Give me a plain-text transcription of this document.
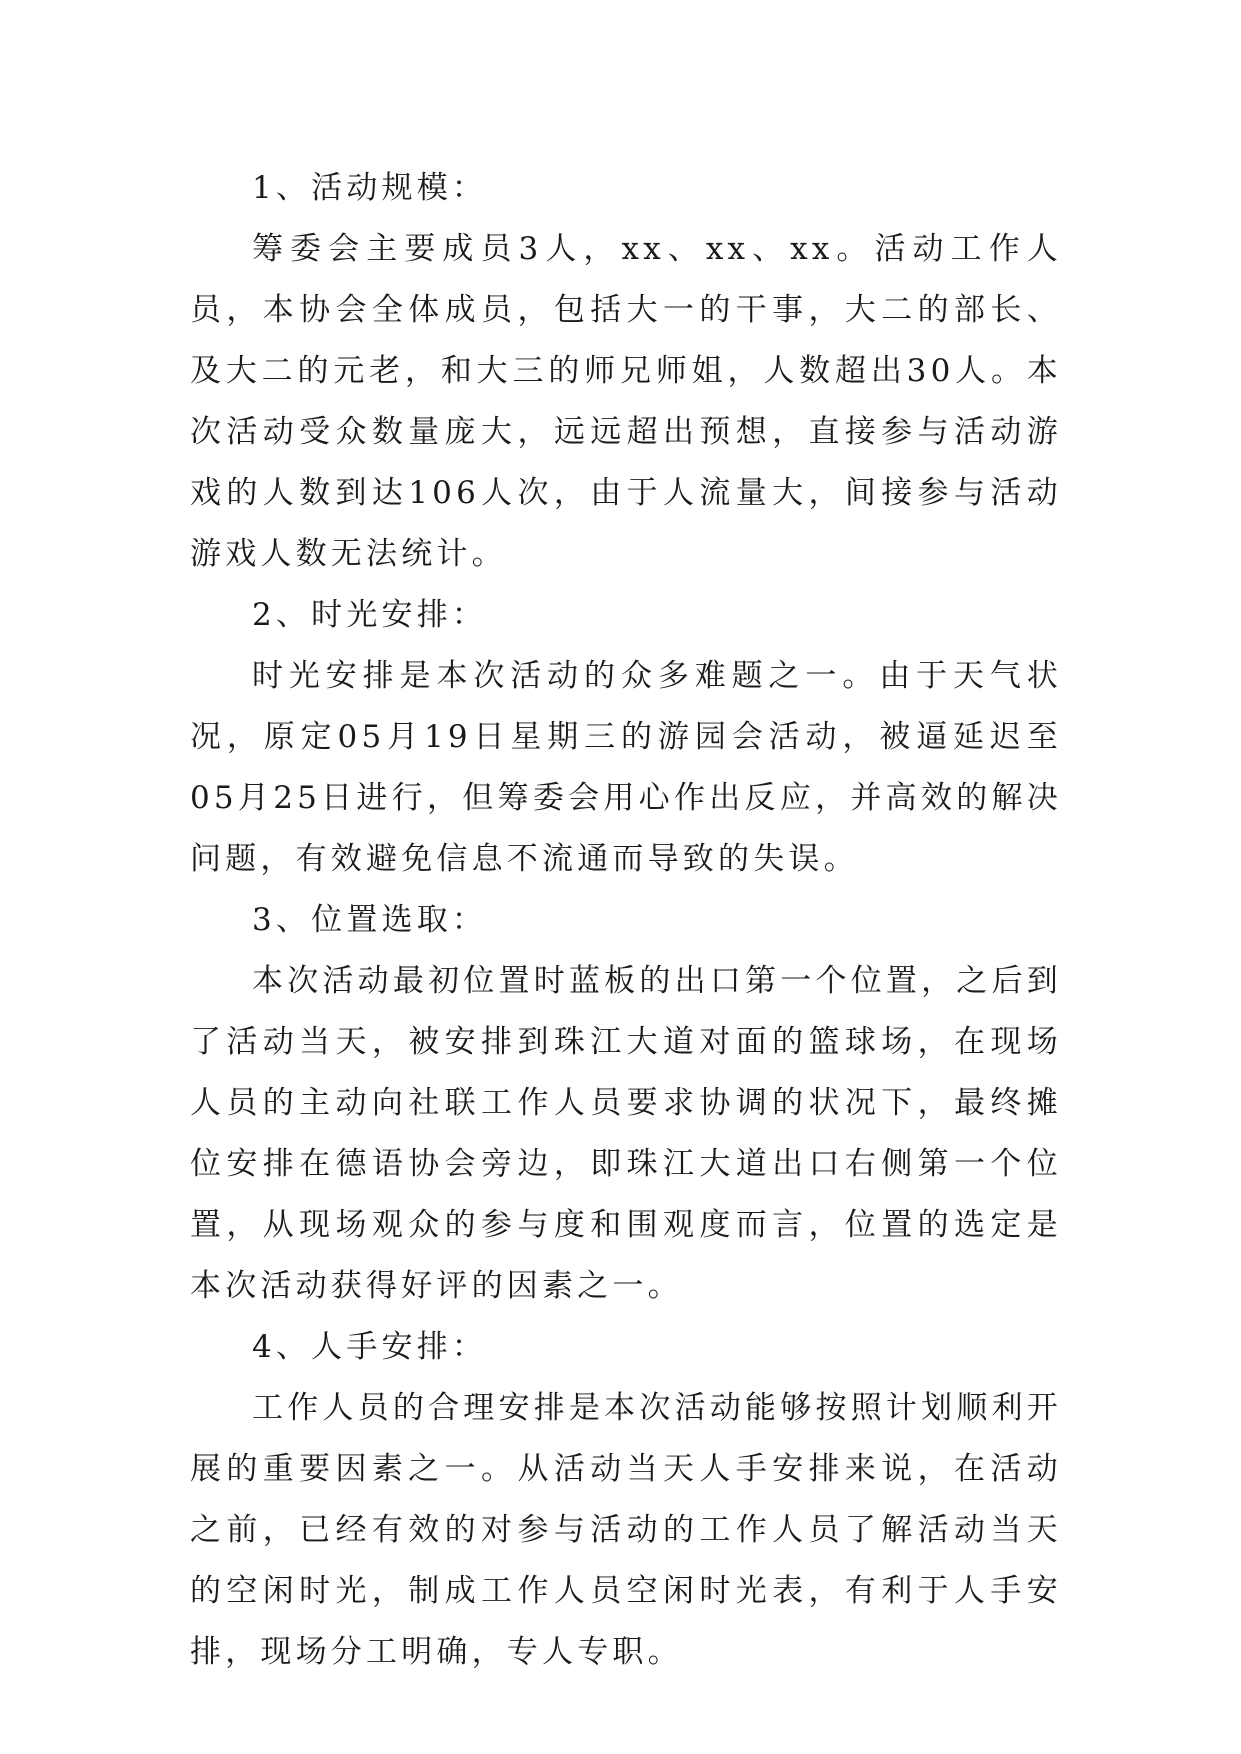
1、活动规模：

筹委会主要成员3人，xx、xx、xx。活动工作人员，本协会全体成员，包括大一的干事，大二的部长、及大二的元老，和大三的师兄师姐，人数超出30人。本次活动受众数量庞大，远远超出预想，直接参与活动游戏的人数到达106人次，由于人流量大，间接参与活动游戏人数无法统计。

2、时光安排：

时光安排是本次活动的众多难题之一。由于天气状况，原定05月19日星期三的游园会活动，被逼延迟至05月25日进行，但筹委会用心作出反应，并高效的解决问题，有效避免信息不流通而导致的失误。

3、位置选取：

本次活动最初位置时蓝板的出口第一个位置，之后到了活动当天，被安排到珠江大道对面的篮球场，在现场人员的主动向社联工作人员要求协调的状况下，最终摊位安排在德语协会旁边，即珠江大道出口右侧第一个位置，从现场观众的参与度和围观度而言，位置的选定是本次活动获得好评的因素之一。

4、人手安排：

工作人员的合理安排是本次活动能够按照计划顺利开展的重要因素之一。从活动当天人手安排来说，在活动之前，已经有效的对参与活动的工作人员了解活动当天的空闲时光，制成工作人员空闲时光表，有利于人手安排，现场分工明确，专人专职。
